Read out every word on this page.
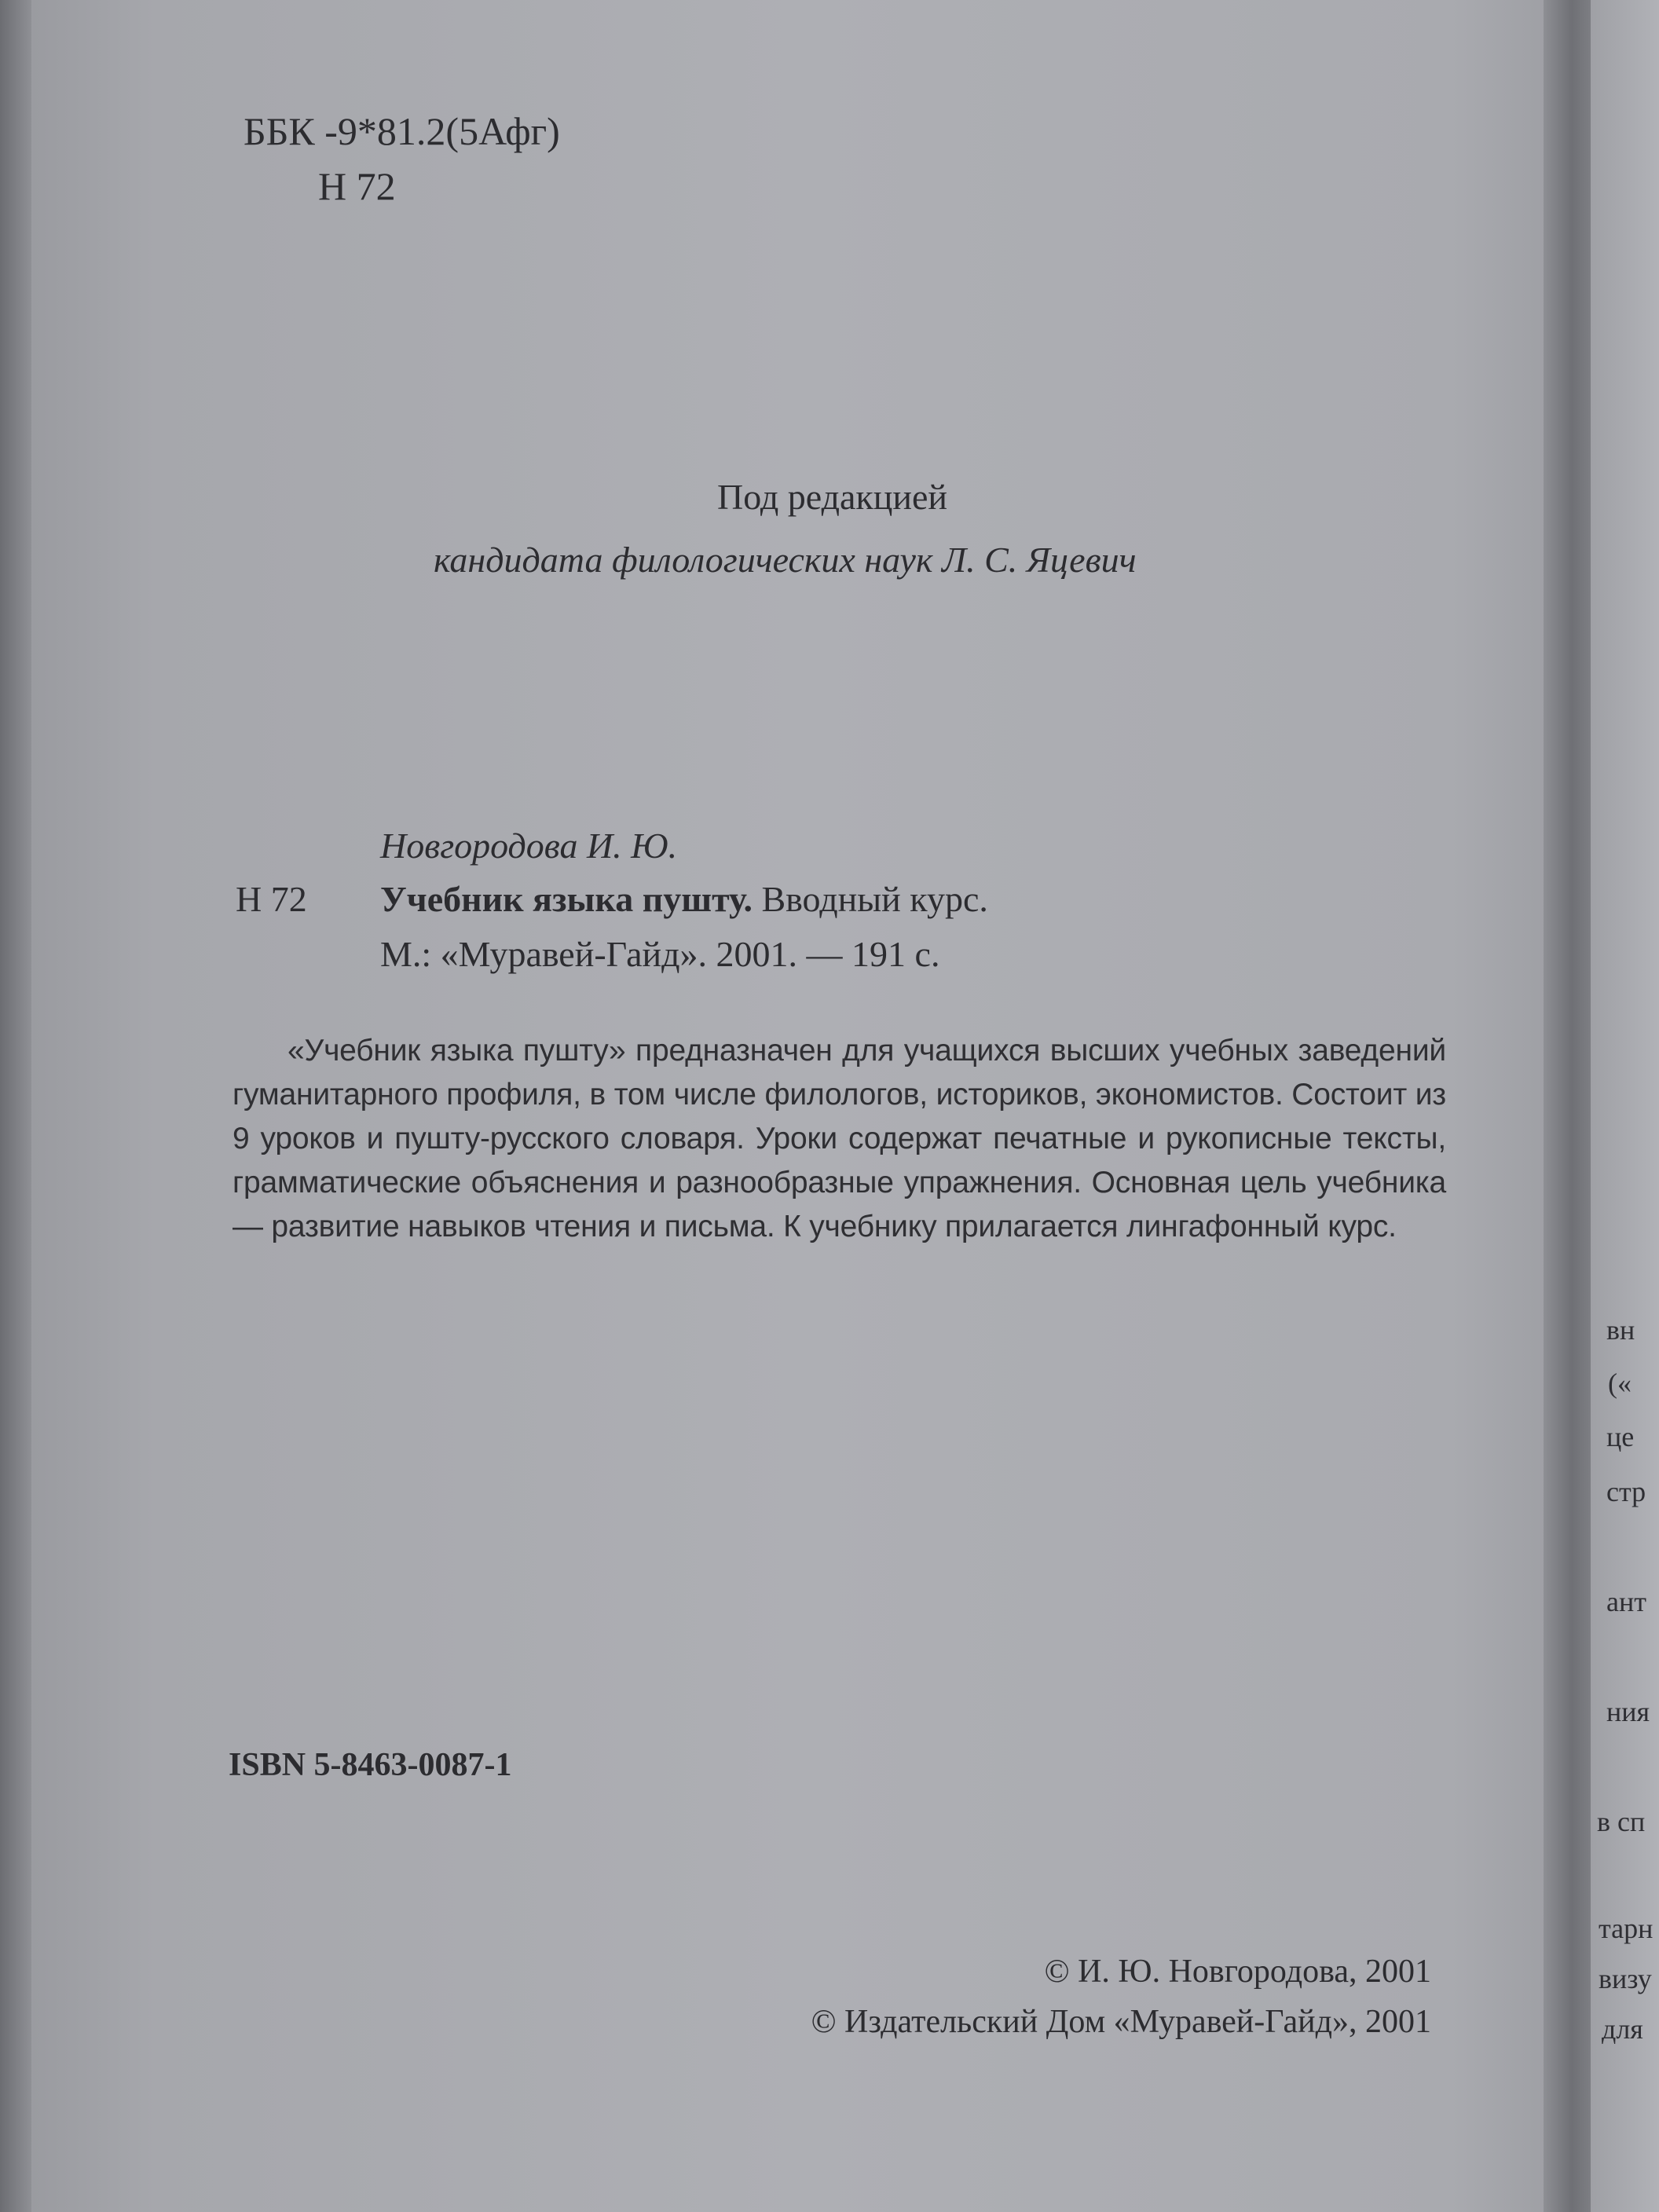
ББК -9*81.2(5Афг)
Н 72
Под редакцией
кандидата филологических наук Л. С. Яцевич
Новгородова И. Ю.
Н 72 Учебник языка пушту. Вводный курс.
М.: «Муравей-Гайд». 2001. — 191 с.
«Учебник языка пушту» предназначен для учащихся высших учебных заведений гуманитарного профиля, в том числе филологов, историков, экономистов. Состоит из 9 уроков и пушту-русского словаря. Уроки содержат печатные и рукописные тексты, грамматические объяснения и разнообразные упражнения. Основная цель учебника — развитие навыков чтения и письма. К учебнику прилагается лингафонный курс.
ISBN 5-8463-0087-1
© И. Ю. Новгородова, 2001
© Издательский Дом «Муравей-Гайд», 2001
вн
(«
це
стр
ант
ния
в сп
тарн
визу
для
